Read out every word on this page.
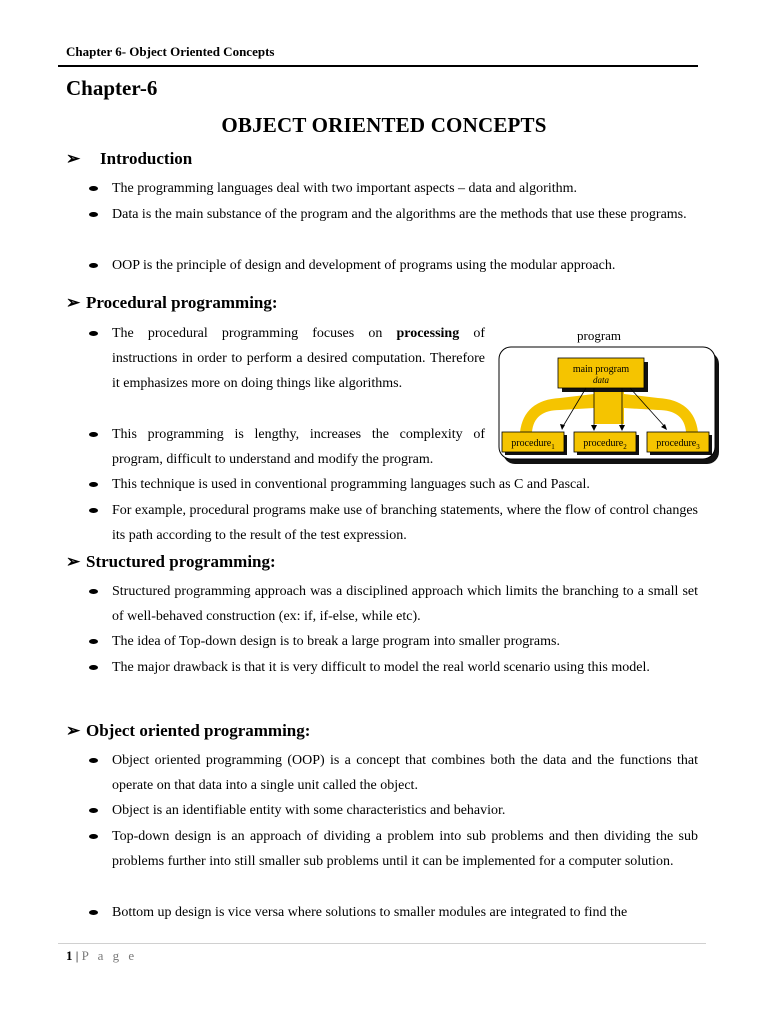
Chapter 6- Object Oriented Concepts
Chapter-6
OBJECT ORIENTED CONCEPTS
➢ Introduction
The programming languages deal with two important aspects – data and algorithm.
Data is the main substance of the program and the algorithms are the methods that use these programs.
OOP is the principle of design and development of programs using the modular approach.
➢ Procedural programming:
The procedural programming focuses on processing of instructions in order to perform a desired computation. Therefore it emphasizes more on doing things like algorithms.
This programming is lengthy, increases the complexity of program, difficult to understand and modify the program.
This technique is used in conventional programming languages such as C and Pascal.
For example, procedural programs make use of branching statements, where the flow of control changes its path according to the result of the test expression.
program
main program
data
procedure$_1$	procedure$_2$	procedure$_3$
➢ Structured programming:
Structured programming approach was a disciplined approach which limits the branching to a small set of well-behaved construction (ex: if, if-else, while etc).
The idea of Top-down design is to break a large program into smaller programs.
The major drawback is that it is very difficult to model the real world scenario using this model.
➢ Object oriented programming:
Object oriented programming (OOP) is a concept that combines both the data and the functions that operate on that data into a single unit called the object.
Object is an identifiable entity with some characteristics and behavior.
Top-down design is an approach of dividing a problem into sub problems and then dividing the sub problems further into still smaller sub problems until it can be implemented for a computer solution.
Bottom up design is vice versa where solutions to smaller modules are integrated to find the
1 | P a g e
